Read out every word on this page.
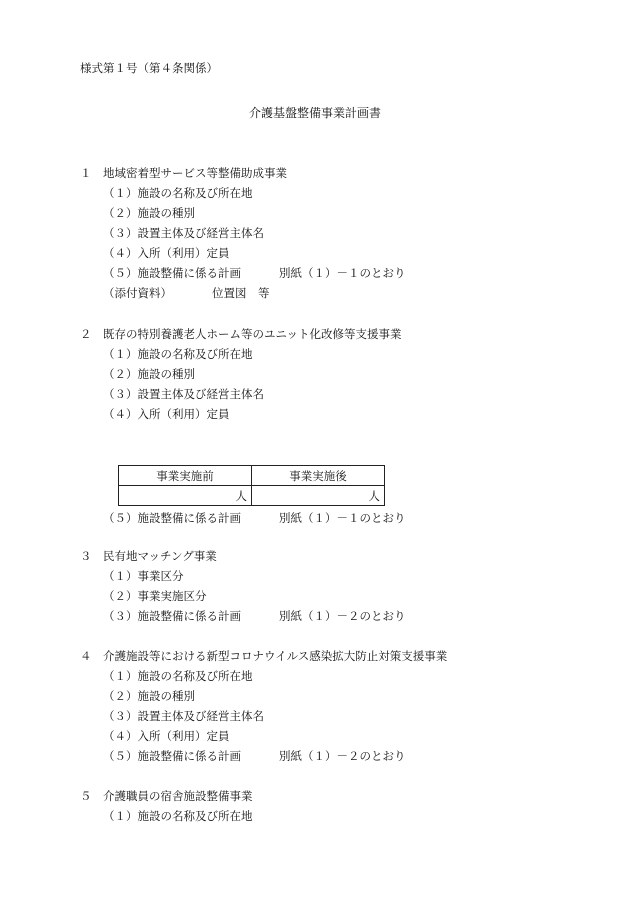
様式第１号（第４条関係）
介護基盤整備事業計画書
１ 地域密着型サービス等整備助成事業
（１）施設の名称及び所在地
（２）施設の種別
（３）設置主体及び経営主体名
（４）入所（利用）定員
（５）施設整備に係る計画	別紙（１）－１のとおり
（添付資料）	位置図　等
２ 既存の特別養護老人ホーム等のユニット化改修等支援事業
（１）施設の名称及び所在地
（２）施設の種別
（３）設置主体及び経営主体名
（４）入所（利用）定員
事業実施前	事業実施後
人	人
（５）施設整備に係る計画	別紙（１）－１のとおり
３ 民有地マッチング事業
（１）事業区分
（２）事業実施区分
（３）施設整備に係る計画	別紙（１）－２のとおり
４ 介護施設等における新型コロナウイルス感染拡大防止対策支援事業
（１）施設の名称及び所在地
（２）施設の種別
（３）設置主体及び経営主体名
（４）入所（利用）定員
（５）施設整備に係る計画	別紙（１）－２のとおり
５ 介護職員の宿舎施設整備事業
（１）施設の名称及び所在地
